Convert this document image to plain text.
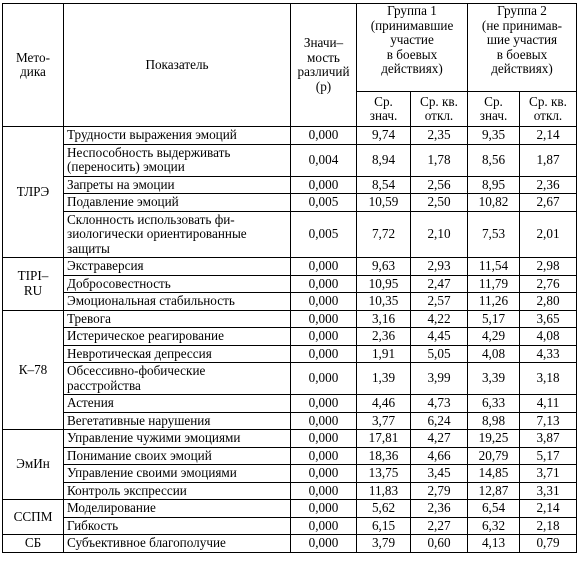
Мето-
дика	Показатель	Значи–
мость
различий
(р)	Группа 1
(принимавшие
участие
в боевых
действиях)		Группа 2
(не принимав-
шие участия
в боевых
действиях)	
			Ср.
знач.	Ср. кв.
откл.	Ср.
знач.	Ср. кв.
откл.
ТЛРЭ	Трудности выражения эмоций	0,000	9,74	2,35	9,35	2,14
	Неспособность выдерживать
(переносить) эмоции	0,004	8,94	1,78	8,56	1,87
	Запреты на эмоции	0,000	8,54	2,56	8,95	2,36
	Подавление эмоций	0,005	10,59	2,50	10,82	2,67
	Склонность использовать фи-
зиологически ориентированные
защиты	0,005	7,72	2,10	7,53	2,01
TIPI–
RU	Экстраверсия	0,000	9,63	2,93	11,54	2,98
	Добросовестность	0,000	10,95	2,47	11,79	2,76
	Эмоциональная стабильность	0,000	10,35	2,57	11,26	2,80
К–78	Тревога	0,000	3,16	4,22	5,17	3,65
	Истерическое реагирование	0,000	2,36	4,45	4,29	4,08
	Невротическая депрессия	0,000	1,91	5,05	4,08	4,33
	Обсессивно-фобические
расстройства	0,000	1,39	3,99	3,39	3,18
	Астения	0,000	4,46	4,73	6,33	4,11
	Вегетативные нарушения	0,000	3,77	6,24	8,98	7,13
ЭмИн	Управление чужими эмоциями	0,000	17,81	4,27	19,25	3,87
	Понимание своих эмоций	0,000	18,36	4,66	20,79	5,17
	Управление своими эмоциями	0,000	13,75	3,45	14,85	3,71
	Контроль экспрессии	0,000	11,83	2,79	12,87	3,31
ССПМ	Моделирование	0,000	5,62	2,36	6,54	2,14
	Гибкость	0,000	6,15	2,27	6,32	2,18
СБ	Субъективное благополучие	0,000	3,79	0,60	4,13	0,79
